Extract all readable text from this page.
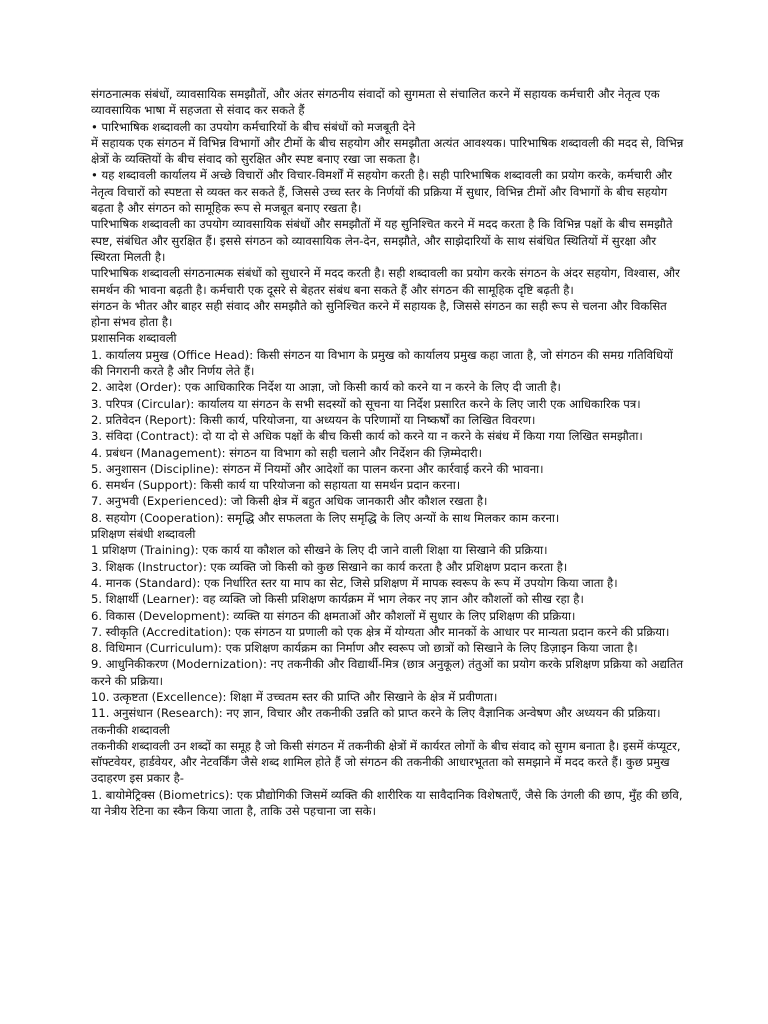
संगठनात्मक संबंधों, व्यावसायिक समझौतों, और अंतर संगठनीय संवादों को सुगमता से संचालित करने में सहायक कर्मचारी और नेतृत्व एक व्यावसायिक भाषा में सहजता से संवाद कर सकते हैं

• पारिभाषिक शब्दावली का उपयोग कर्मचारियों के बीच संबंधों को मजबूती देने

में सहायक एक संगठन में विभिन्न विभागों और टीमों के बीच सहयोग और समझौता अत्यंत आवश्यक। पारिभाषिक शब्दावली की मदद से, विभिन्न क्षेत्रों के व्यक्तियों के बीच संवाद को सुरक्षित और स्पष्ट बनाए रखा जा सकता है।

• यह शब्दावली कार्यालय में अच्छे विचारों और विचार-विमर्शों में सहयोग करती है। सही पारिभाषिक शब्दावली का प्रयोग करके, कर्मचारी और नेतृत्व विचारों को स्पष्टता से व्यक्त कर सकते हैं, जिससे उच्च स्तर के निर्णयों की प्रक्रिया में सुधार, विभिन्न टीमों और विभागों के बीच सहयोग बढ़ता है और संगठन को सामूहिक रूप से मजबूत बनाए रखता है।

पारिभाषिक शब्दावली का उपयोग व्यावसायिक संबंधों और समझौतों में यह सुनिश्चित करने में मदद करता है कि विभिन्न पक्षों के बीच समझौते स्पष्ट, संबंधित और सुरक्षित हैं। इससे संगठन को व्यावसायिक लेन-देन, समझौते, और साझेदारियों के साथ संबंधित स्थितियों में सुरक्षा और स्थिरता मिलती है।

पारिभाषिक शब्दावली संगठनात्मक संबंधों को सुधारने में मदद करती है। सही शब्दावली का प्रयोग करके संगठन के अंदर सहयोग, विश्वास, और समर्थन की भावना बढ़ती है। कर्मचारी एक दूसरे से बेहतर संबंध बना सकते हैं और संगठन की सामूहिक दृष्टि बढ़ती है।

संगठन के भीतर और बाहर सही संवाद और समझौते को सुनिश्चित करने में सहायक है, जिससे संगठन का सही रूप से चलना और विकसित होना संभव होता है।

प्रशासनिक शब्दावली

1. कार्यालय प्रमुख (Office Head): किसी संगठन या विभाग के प्रमुख को कार्यालय प्रमुख कहा जाता है, जो संगठन की समग्र गतिविधियों की निगरानी करते है और निर्णय लेते हैं।

2. आदेश (Order): एक आधिकारिक निर्देश या आज्ञा, जो किसी कार्य को करने या न करने के लिए दी जाती है।

3. परिपत्र (Circular): कार्यालय या संगठन के सभी सदस्यों को सूचना या निर्देश प्रसारित करने के लिए जारी एक आधिकारिक पत्र।

2. प्रतिवेदन (Report): किसी कार्य, परियोजना, या अध्ययन के परिणामों या निष्कर्षों का लिखित विवरण।

3. संविदा (Contract): दो या दो से अधिक पक्षों के बीच किसी कार्य को करने या न करने के संबंध में किया गया लिखित समझौता।

4. प्रबंधन (Management): संगठन या विभाग को सही चलाने और निर्देशन की ज़िम्मेदारी।

5. अनुशासन (Discipline): संगठन में नियमों और आदेशों का पालन करना और कार्रवाई करने की भावना।

6. समर्थन (Support): किसी कार्य या परियोजना को सहायता या समर्थन प्रदान करना।

7. अनुभवी (Experienced): जो किसी क्षेत्र में बहुत अधिक जानकारी और कौशल रखता है।

8. सहयोग (Cooperation): समृद्धि और सफलता के लिए समृद्धि के लिए अन्यों के साथ मिलकर काम करना।

प्रशिक्षण संबंधी शब्दावली

1 प्रशिक्षण (Training): एक कार्य या कौशल को सीखने के लिए दी जाने वाली शिक्षा या सिखाने की प्रक्रिया।

3. शिक्षक (Instructor): एक व्यक्ति जो किसी को कुछ सिखाने का कार्य करता है और प्रशिक्षण प्रदान करता है।

4. मानक (Standard): एक निर्धारित स्तर या माप का सेट, जिसे प्रशिक्षण में मापक स्वरूप के रूप में उपयोग किया जाता है।

5. शिक्षार्थी (Learner): वह व्यक्ति जो किसी प्रशिक्षण कार्यक्रम में भाग लेकर नए ज्ञान और कौशलों को सीख रहा है।

6. विकास (Development): व्यक्ति या संगठन की क्षमताओं और कौशलों में सुधार के लिए प्रशिक्षण की प्रक्रिया।

7. स्वीकृति (Accreditation): एक संगठन या प्रणाली को एक क्षेत्र में योग्यता और मानकों के आधार पर मान्यता प्रदान करने की प्रक्रिया।

8. विधिमान (Curriculum): एक प्रशिक्षण कार्यक्रम का निर्माण और स्वरूप जो छात्रों को सिखाने के लिए डिज़ाइन किया जाता है।

9. आधुनिकीकरण (Modernization): नए तकनीकी और विद्यार्थी-मित्र (छात्र अनुकूल) तंतुओं का प्रयोग करके प्रशिक्षण प्रक्रिया को अद्यतित करने की प्रक्रिया।

10. उत्कृष्टता (Excellence): शिक्षा में उच्चतम स्तर की प्राप्ति और सिखाने के क्षेत्र में प्रवीणता।

11. अनुसंधान (Research): नए ज्ञान, विचार और तकनीकी उन्नति को प्राप्त करने के लिए वैज्ञानिक अन्वेषण और अध्ययन की प्रक्रिया।

तकनीकी शब्दावली

तकनीकी शब्दावली उन शब्दों का समूह है जो किसी संगठन में तकनीकी क्षेत्रों में कार्यरत लोगों के बीच संवाद को सुगम बनाता है। इसमें कंप्यूटर, सॉफ्टवेयर, हार्डवेयर, और नेटवर्किंग जैसे शब्द शामिल होते हैं जो संगठन की तकनीकी आधारभूतता को समझाने में मदद करते हैं। कुछ प्रमुख उदाहरण इस प्रकार है-

1. बायोमेट्रिक्स (Biometrics): एक प्रौद्योगिकी जिसमें व्यक्ति की शारीरिक या सावैदानिक विशेषताएँ, जैसे कि उंगली की छाप, मुँह की छवि, या नेत्रीय रेटिना का स्कैन किया जाता है, ताकि उसे पहचाना जा सके।
